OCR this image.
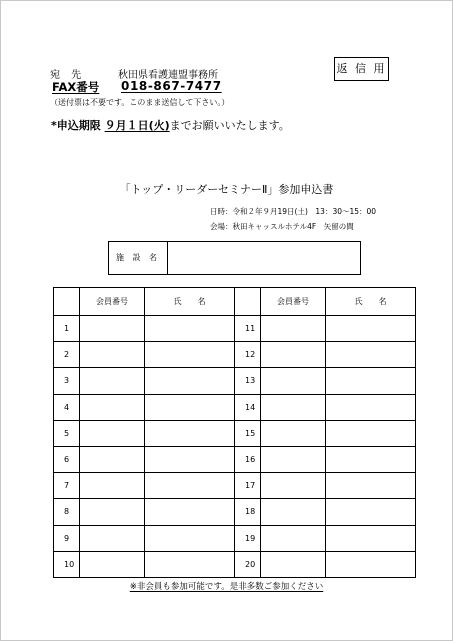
返 信 用
宛 先	秋田県看護連盟事務所
FAX番号 018-867-7477
（送付票は不要です。このまま送信して下さい。）
*申込期限 ９月１日(火)までお願いいたします。
「トップ・リーダーセミナーⅡ」参加申込書
日時：令和２年９月19日(土)　13：30～15：00
会場：秋田キャッスルホテル4F　矢留の間
施 設 名
	会員番号	氏　　名		会員番号	氏　　名
1			11		
2			12		
3			13		
4			14		
5			15		
6			16		
7			17		
8			18		
9			19		
10			20		
※非会員も参加可能です。是非多数ご参加ください
